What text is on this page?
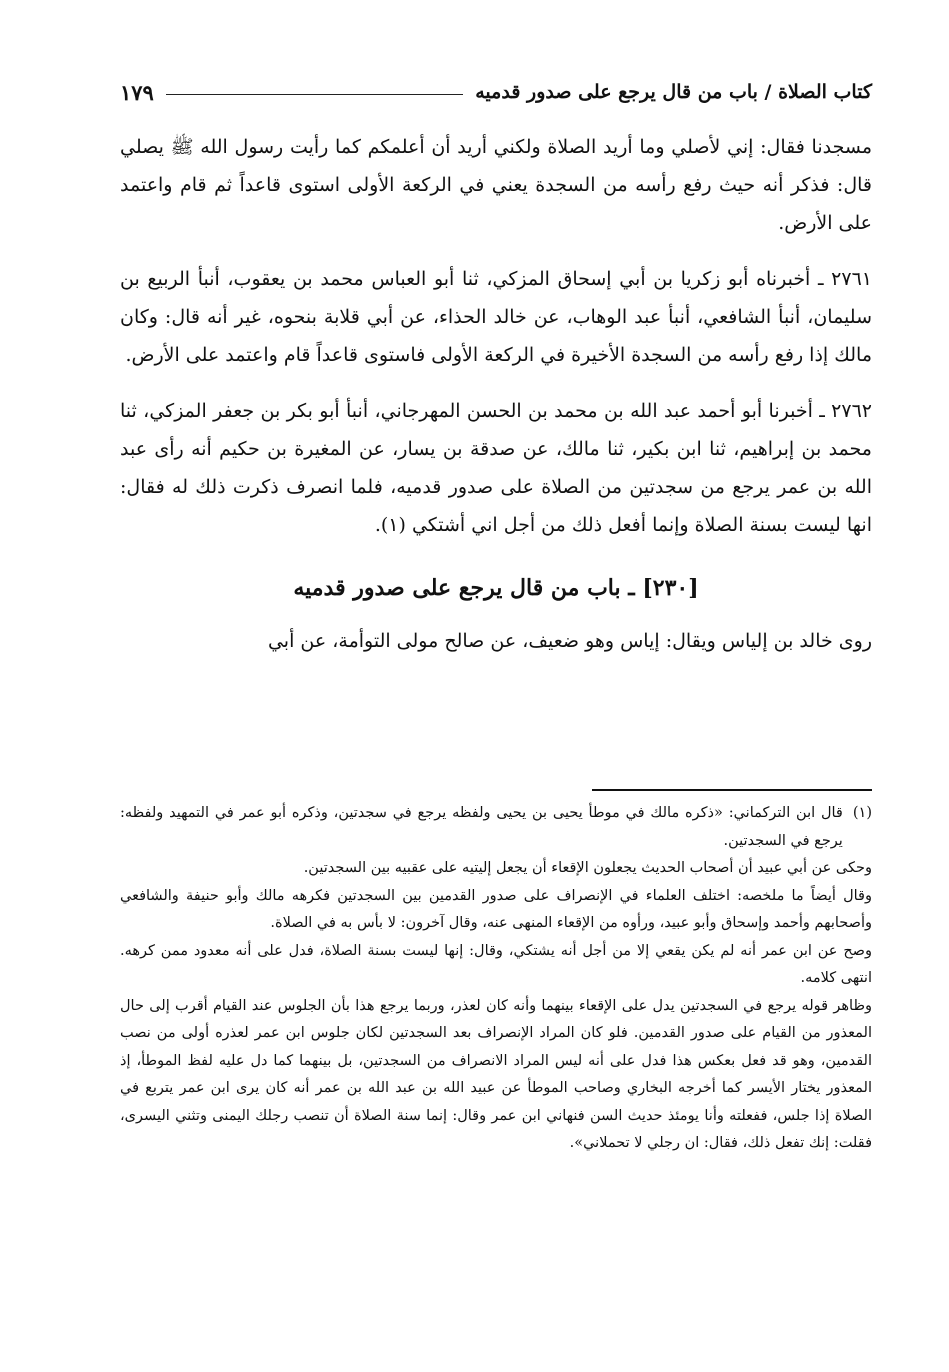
كتاب الصلاة / باب من قال يرجع على صدور قدميه
١٧٩

مسجدنا فقال: إني لأصلي وما أريد الصلاة ولكني أريد أن أعلمكم كما رأيت رسول الله ﷺ يصلي قال: فذكر أنه حيث رفع رأسه من السجدة يعني في الركعة الأولى استوى قاعداً ثم قام واعتمد على الأرض.

٢٧٦١ ـ أخبرناه أبو زكريا بن أبي إسحاق المزكي، ثنا أبو العباس محمد بن يعقوب، أنبأ الربيع بن سليمان، أنبأ الشافعي، أنبأ عبد الوهاب، عن خالد الحذاء، عن أبي قلابة بنحوه، غير أنه قال: وكان مالك إذا رفع رأسه من السجدة الأخيرة في الركعة الأولى فاستوى قاعداً قام واعتمد على الأرض.

٢٧٦٢ ـ أخبرنا أبو أحمد عبد الله بن محمد بن الحسن المهرجاني، أنبأ أبو بكر بن جعفر المزكي، ثنا محمد بن إبراهيم، ثنا ابن بكير، ثنا مالك، عن صدقة بن يسار، عن المغيرة بن حكيم أنه رأى عبد الله بن عمر يرجع من سجدتين من الصلاة على صدور قدميه، فلما انصرف ذكرت ذلك له فقال: انها ليست بسنة الصلاة وإنما أفعل ذلك من أجل اني أشتكي (١).

[٢٣٠] ـ باب من قال يرجع على صدور قدميه

روى خالد بن إلياس ويقال: إياس وهو ضعيف، عن صالح مولى التوأمة، عن أبي

(١)
قال ابن التركماني: «ذكره مالك في موطأ يحيى بن يحيى ولفظه يرجع في سجدتين، وذكره أبو عمر في التمهيد ولفظه: يرجع في السجدتين.

وحكى عن أبي عبيد أن أصحاب الحديث يجعلون الإقعاء أن يجعل إليتيه على عقبيه بين السجدتين.

وقال أيضاً ما ملخصه: اختلف العلماء في الإنصراف على صدور القدمين بين السجدتين فكرهه مالك وأبو حنيفة والشافعي وأصحابهم وأحمد وإسحاق وأبو عبيد، ورأوه من الإقعاء المنهى عنه، وقال آخرون: لا بأس به في الصلاة.

وصح عن ابن عمر أنه لم يكن يقعي إلا من أجل أنه يشتكي، وقال: إنها ليست بسنة الصلاة، فدل على أنه معدود ممن كرهه. انتهى كلامه.

وظاهر قوله يرجع في السجدتين يدل على الإقعاء بينهما وأنه كان لعذر، وربما يرجع هذا بأن الجلوس عند القيام أقرب إلى حال المعذور من القيام على صدور القدمين. فلو كان المراد الإنصراف بعد السجدتين لكان جلوس ابن عمر لعذره أولى من نصب القدمين، وهو قد فعل بعكس هذا فدل على أنه ليس المراد الانصراف من السجدتين، بل بينهما كما دل عليه لفظ الموطأ، إذ المعذور يختار الأيسر كما أخرجه البخاري وصاحب الموطأ عن عبيد الله بن عبد الله بن عمر أنه كان يرى ابن عمر يتربع في الصلاة إذا جلس، ففعلته وأنا يومئذ حديث السن فنهاني ابن عمر وقال: إنما سنة الصلاة أن تنصب رجلك اليمنى وتثني اليسرى، فقلت: إنك تفعل ذلك، فقال: ان رجلي لا تحملاني».
